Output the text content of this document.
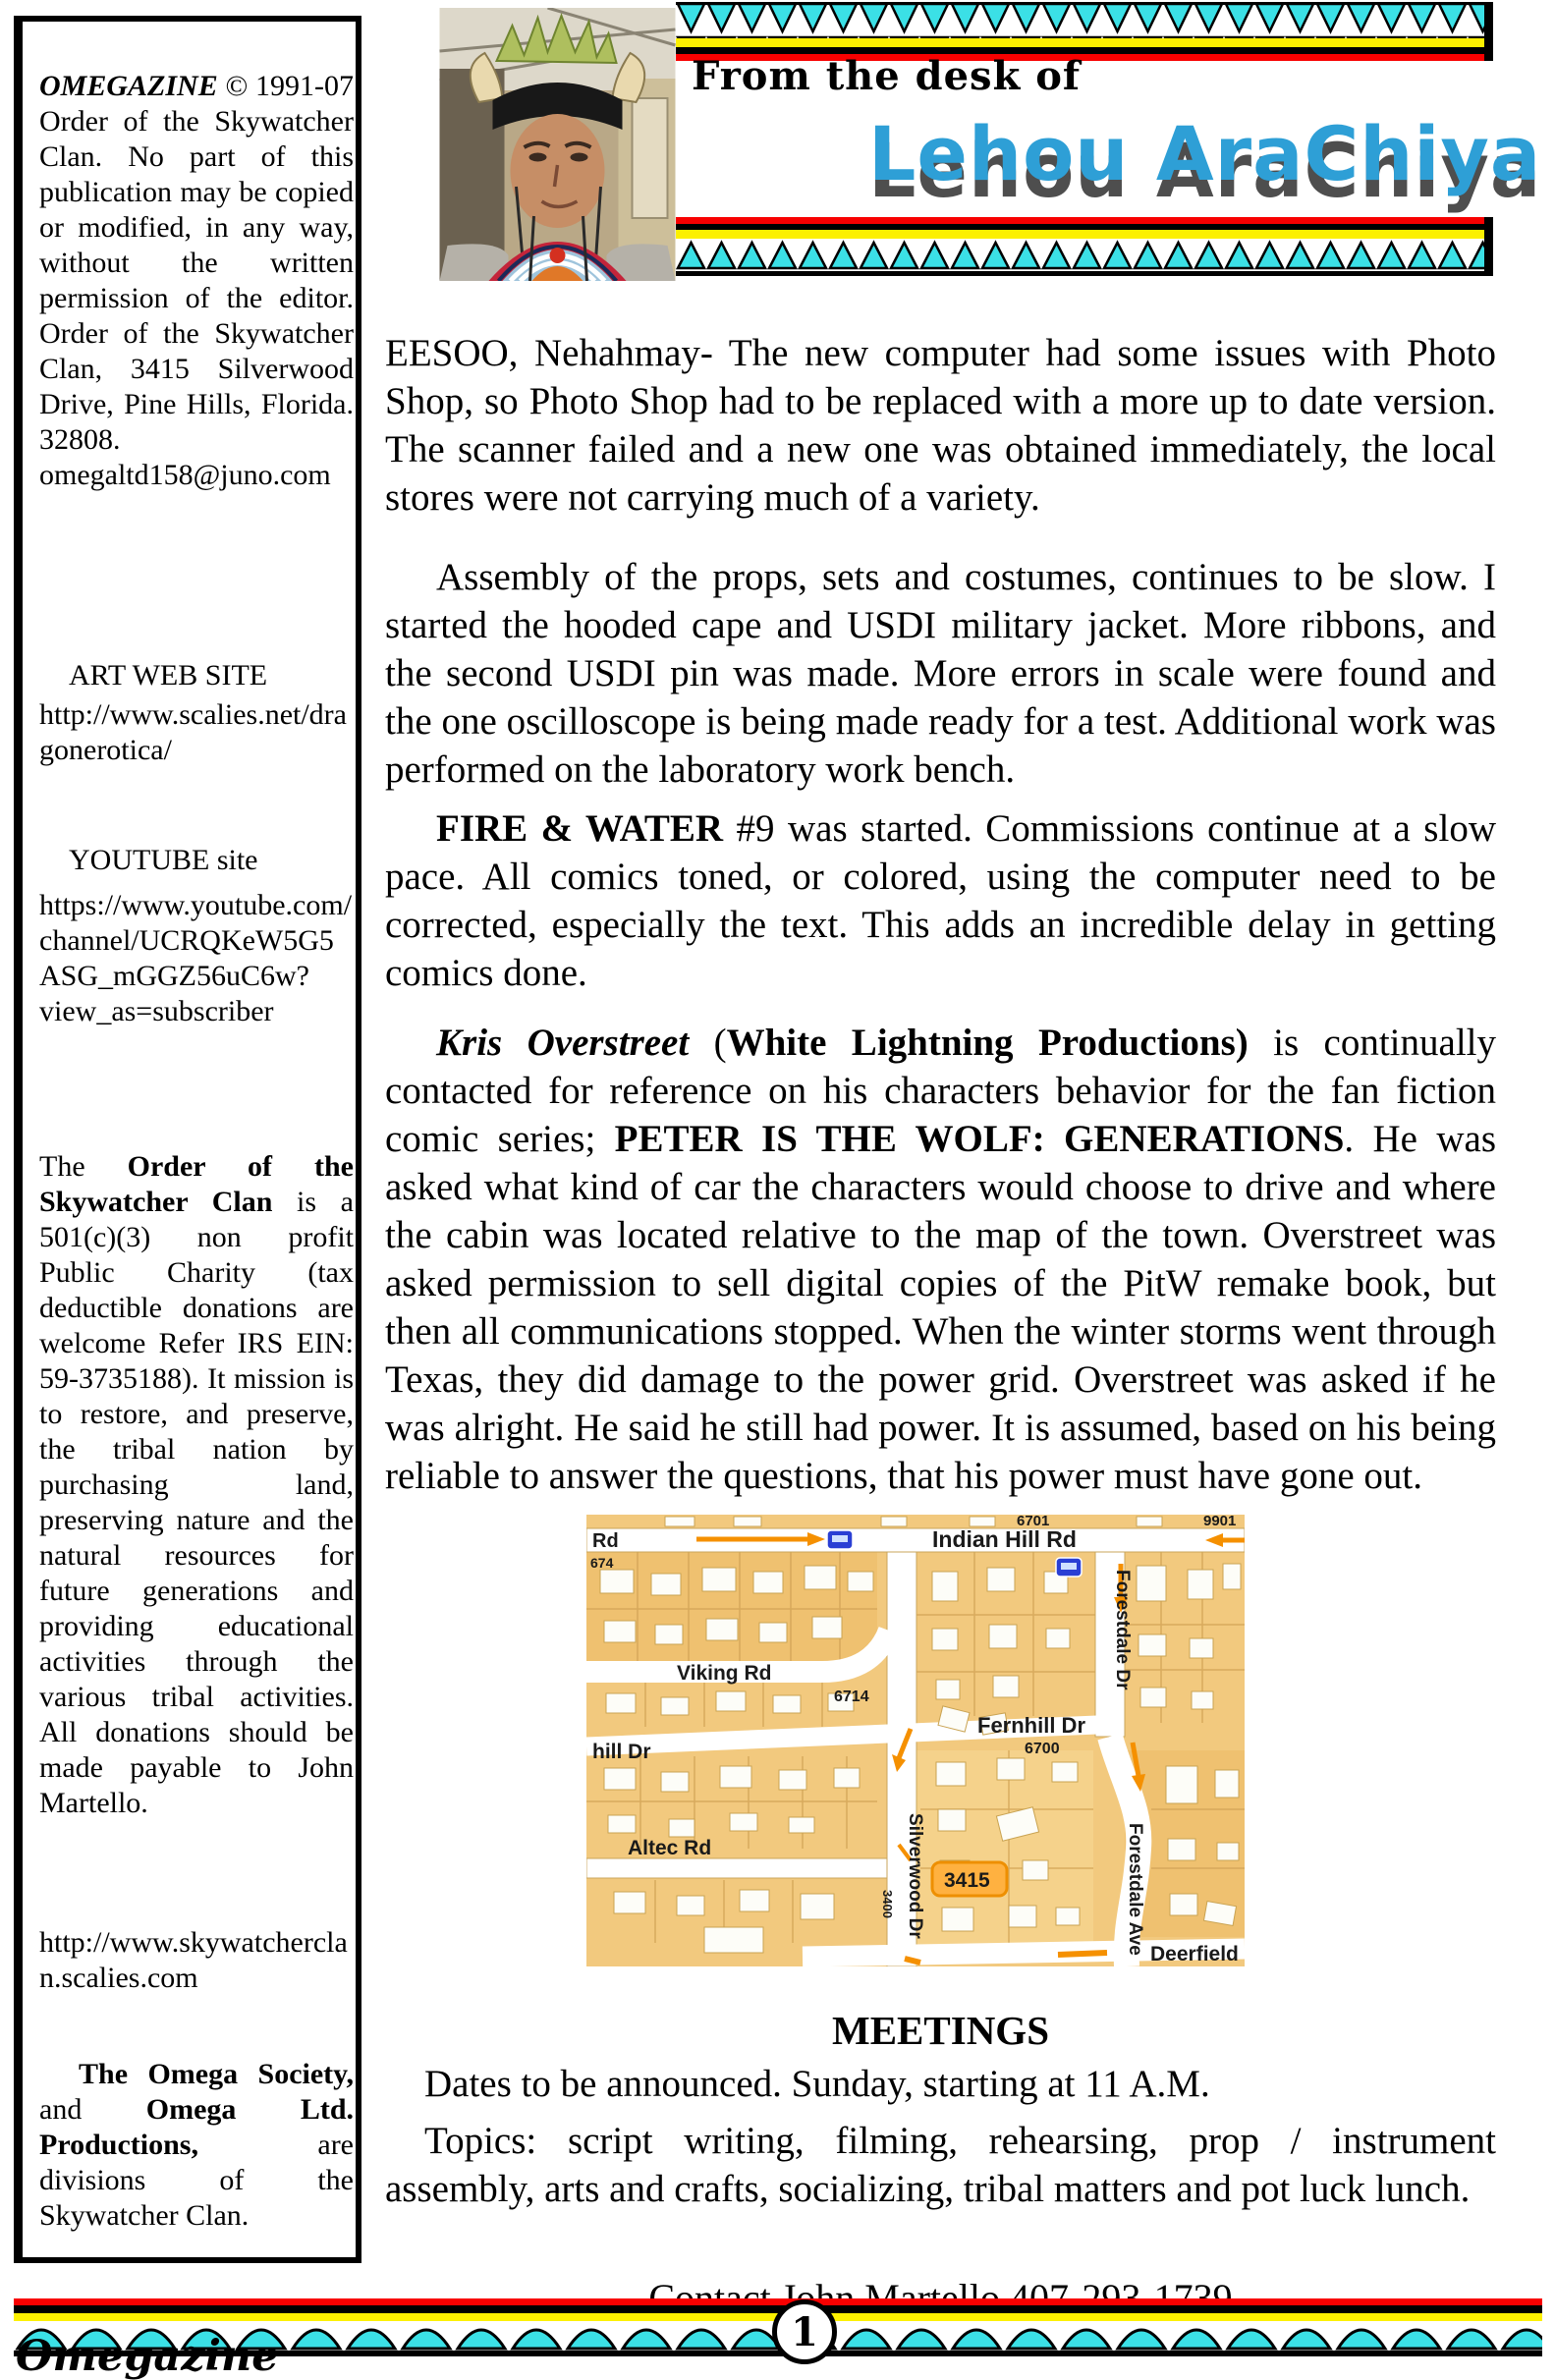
OMEGAZINE © 1991-07 Order of the Skywatcher Clan. No part of this publication may be copied or modified, in any way, without the written permission of the editor. Order of the Skywatcher Clan, 3415 Silverwood Drive, Pine Hills, Florida. 32808. omegaltd158@juno.com

ART WEB SITE

http://www.scalies.net/dragonerotica/

YOUTUBE site

https://www.youtube.com/channel/UCRQKeW5G5ASG_mGGZ56uC6w?view_as=subscriber

The Order of the Skywatcher Clan is a 501(c)(3) non profit Public Charity (tax deductible donations are welcome Refer IRS EIN: 59-3735188). It mission is to restore, and preserve, the tribal nation by purchasing land, preserving nature and the natural resources for future generations and providing educational activities through the various tribal activities. All donations should be made payable to John Martello.

http://www.skywatcherclan.scalies.com

The Omega Society, and Omega Ltd. Productions, are divisions of the Skywatcher Clan.

From the desk of
Lehou AraChiya

EESOO, Nehahmay- The new computer had some issues with Photo Shop, so Photo Shop had to be replaced with a more up to date version. The scanner failed and a new one was obtained immediately, the local stores were not carrying much of a variety.

Assembly of the props, sets and costumes, continues to be slow. I started the hooded cape and USDI military jacket. More ribbons, and the second USDI pin was made. More errors in scale were found and the one oscilloscope is being made ready for a test. Additional work was performed on the laboratory work bench.

FIRE & WATER #9 was started. Commissions continue at a slow pace. All comics toned, or colored, using the computer need to be corrected, especially the text. This adds an incredible delay in getting comics done.

Kris Overstreet (White Lightning Productions) is continually contacted for reference on his characters behavior for the fan fiction comic series; PETER IS THE WOLF: GENERATIONS. He was asked what kind of car the characters would choose to drive and where the cabin was located relative to the map of the town. Overstreet was asked permission to sell digital copies of the PitW remake book, but then all communications stopped. When the winter storms went through Texas, they did damage to the power grid. Overstreet was asked if he was alright. He said he still had power. It is assumed, based on his being reliable to answer the questions, that his power must have gone out.

3415
Rd
674
Indian Hill Rd
6701	9901
Viking Rd
6714
Forestdale Dr
Fernhill Dr
6700
hill Dr
Altec Rd	Silverwood Dr
3400	Forestdale Ave Deerfield

MEETINGS

Dates to be announced. Sunday, starting at 11 A.M.

Topics: script writing, filming, rehearsing, prop / instrument assembly, arts and crafts, socializing, tribal matters and pot luck lunch.

1
Omegazine
